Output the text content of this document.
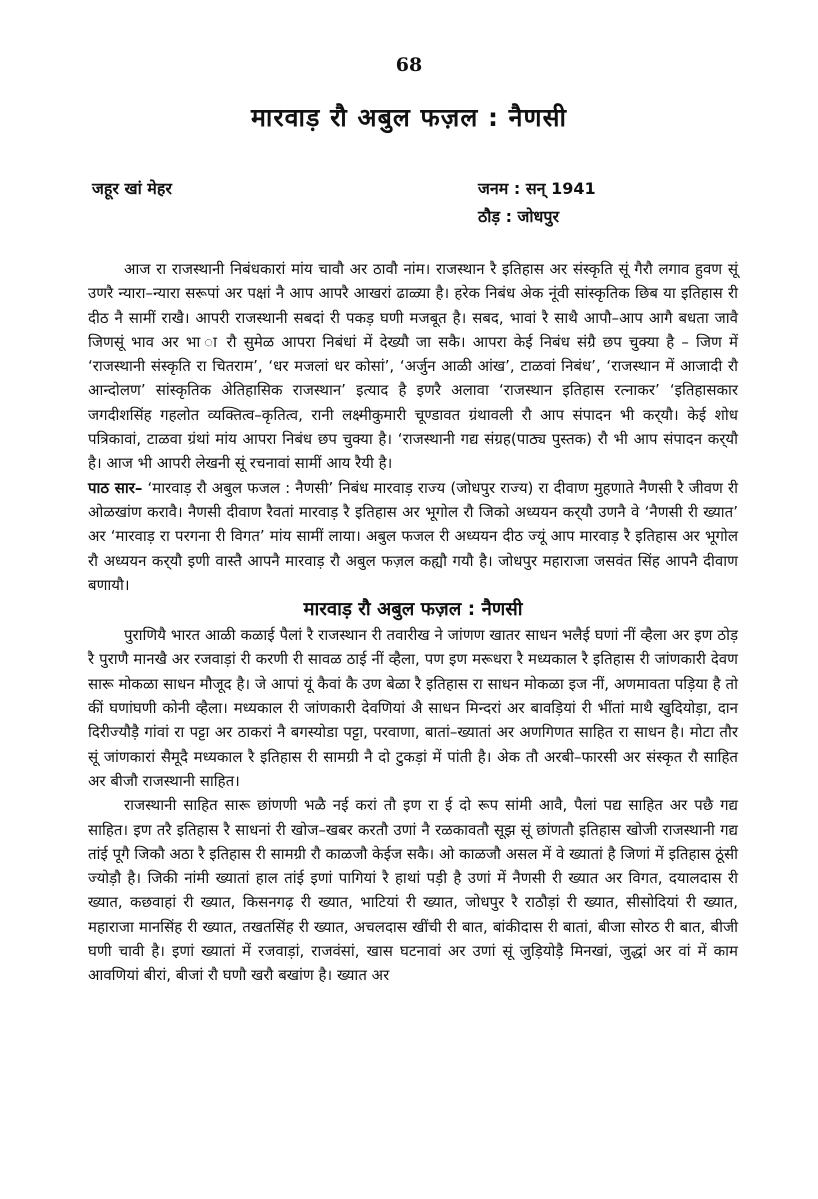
68
मारवाड़ रौ अबुल फज़ल : नैणसी
जहूर खां मेहर	जनम : सन् 1941
ठौड़ : जोधपुर

आज रा राजस्थानी निबंधकारां मांय चावौ अर ठावौ नांम। राजस्थान रै इतिहास अर संस्कृति सूं गैरौ लगाव हुवण सूं उणरै न्यारा–न्यारा सरूपां अर पक्षां नै आप आपरै आखरां ढाळ्या है। हरेक निबंध अेक नूंवी सांस्कृतिक छिब या इतिहास री दीठ नै सामीं राखै। आपरी राजस्थानी सबदां री पकड़ घणी मजबूत है। सबद, भावां रै साथै आपौ–आप आगै बधता जावै जिणसूं भाव अर भा ा रौ सुमेळ आपरा निबंधां में देख्यौ जा सकै। आपरा केई निबंध संग्रै छप चुक्या है – जिण में ‘राजस्थानी संस्कृति रा चितराम’, ‘धर मजलां धर कोसां’, ‘अर्जुन आळी आंख’, टाळवां निबंध’, ‘राजस्थान में आजादी रौ आन्दोलण’ सांस्कृतिक अेतिहासिक राजस्थान’ इत्याद है इणरै अलावा ‘राजस्थान इतिहास रत्नाकर’ ‘इतिहासकार जगदीशसिंह गहलोत व्यक्तित्व–कृतित्व, रानी लक्ष्मीकुमारी चूण्डावत ग्रंथावली रौ आप संपादन भी कर्‌यौ। केई शोध पत्रिकावां, टाळवा ग्रंथां मांय आपरा निबंध छप चुक्या है। ‘राजस्थानी गद्य संग्रह(पाठ्य पुस्तक) रौ भी आप संपादन कर्‌यौ है। आज भी आपरी लेखनी सूं रचनावां सामीं आय रैयी है।

पाठ सार– ‘मारवाड़ रौ अबुल फजल : नैणसी’ निबंध मारवाड़ राज्य (जोधपुर राज्य) रा दीवाण मुहणाते नैणसी रै जीवण री ओळखांण करावै। नैणसी दीवाण रैवतां मारवाड़ रै इतिहास अर भूगोल रौ जिको अध्ययन कर्‌यौ उणनै वे ‘नैणसी री ख्यात’ अर ‘मारवाड़ रा परगना री विगत’ मांय सामीं लाया। अबुल फजल री अध्ययन दीठ ज्यूं आप मारवाड़ रै इतिहास अर भूगोल रौ अध्ययन कर्‌यौ इणी वास्तै आपनै मारवाड़ रौ अबुल फज़ल कह्यौ गयौ है। जोधपुर महाराजा जसवंत सिंह आपनै दीवाण बणायौ।

मारवाड़ रौ अबुल फज़ल : नैणसी

पुराणियै भारत आळी कळाई पैलां रै राजस्थान री तवारीख ने जांणण खातर साधन भलैई घणां नीं व्हैला अर इण ठोड़ रै पुराणै मानखै अर रजवाड़ां री करणी री सावळ ठाई नीं व्हैला, पण इण मरूधरा रै मध्यकाल रै इतिहास री जांणकारी देवण सारू मोकळा साधन मौजूद है। जे आपां यूं कैवां कै उण बेळा रै इतिहास रा साधन मोकळा इज नीं, अणमावता पड़िया है तो कीं घणांघणी कोनी व्हैला। मध्यकाल री जांणकारी देवणियां अै साधन मिन्दरां अर बावड़ियां री भींतां माथै खुदियोड़ा, दान दिरीज्यौड़ै गांवां रा पट्टा अर ठाकरां नै बगस्योडा पट्टा, परवाणा, बातां–ख्यातां अर अणगिणत साहित रा साधन है। मोटा तौर सूं जांणकारां सैमूदै मध्यकाल रै इतिहास री सामग्री नै दो टुकड़ां में पांती है। अेक तौ अरबी–फारसी अर संस्कृत रौ साहित अर बीजौ राजस्थानी साहित।

राजस्थानी साहित सारू छांणणी भळै नई करां तौ इण रा ई दो रूप सांमी आवै, पैलां पद्य साहित अर पछै गद्य साहित। इण तरै इतिहास रै साधनां री खोज–खबर करतौ उणां नै रळकावतौ सूझ सूं छांणतौ इतिहास खोजी राजस्थानी गद्य तांई पूगै जिकौ अठा रै इतिहास री सामग्री रौ काळजौ केईज सकै। ओ काळजौ असल में वे ख्यातां है जिणां में इतिहास ठूंसी ज्योड़ौ है। जिकी नांमी ख्यातां हाल तांई इणां पागियां रै हाथां पड़ी है उणां में नैणसी री ख्यात अर विगत, दयालदास री ख्यात, कछवाहां री ख्यात, किसनगढ़ री ख्यात, भाटियां री ख्यात, जोधपुर रै राठौड़ां री ख्यात, सीसोदियां री ख्यात, महाराजा मानसिंह री ख्यात, तखतसिंह री ख्यात, अचलदास खींची री बात, बांकीदास री बातां, बीजा सोरठ री बात, बीजी घणी चावी है। इणां ख्यातां में रजवाड़ां, राजवंसां, खास घटनावां अर उणां सूं जुड़ियोड़ै मिनखां, जुद्धां अर वां में काम आवणियां बीरां, बीजां रौ घणौ खरौ बखांण है। ख्यात अर
